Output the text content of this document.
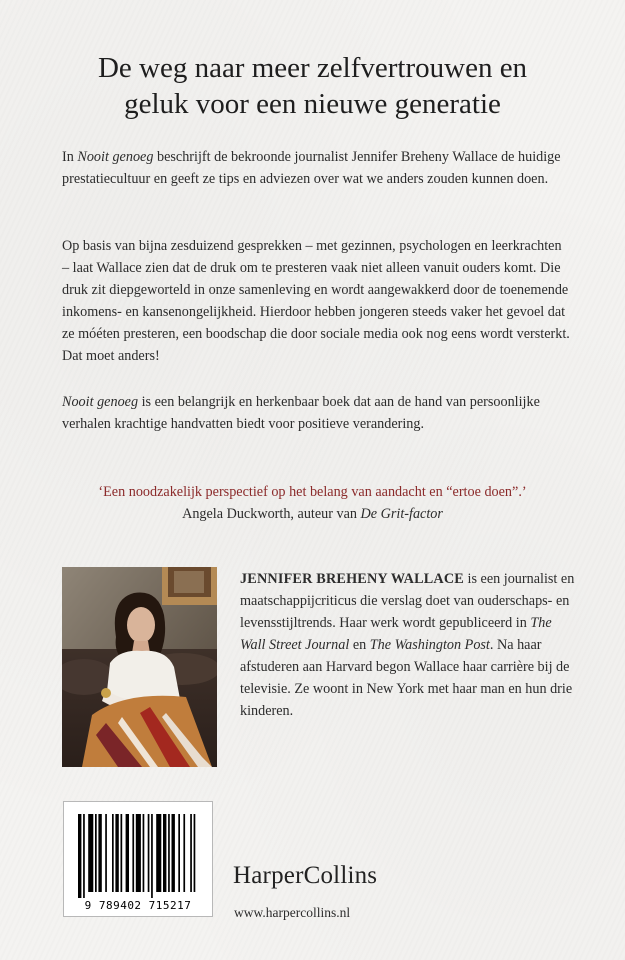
De weg naar meer zelfvertrouwen en
geluk voor een nieuwe generatie

In Nooit genoeg beschrijft de bekroonde journalist Jennifer Breheny Wallace de huidige prestatiecultuur en geeft ze tips en adviezen over wat we anders zouden kunnen doen.

Op basis van bijna zesduizend gesprekken – met gezinnen, psychologen en leerkrachten – laat Wallace zien dat de druk om te presteren vaak niet alleen vanuit ouders komt. Die druk zit diepgeworteld in onze samenleving en wordt aangewakkerd door de toenemende inkomens- en kansenongelijkheid. Hierdoor hebben jongeren steeds vaker het gevoel dat ze móéten presteren, een boodschap die door sociale media ook nog eens wordt versterkt. Dat moet anders!

Nooit genoeg is een belangrijk en herkenbaar boek dat aan de hand van persoonlijke verhalen krachtige handvatten biedt voor positieve verandering.

‘Een noodzakelijk perspectief op het belang van aandacht en “ertoe doen”.’
Angela Duckworth, auteur van De Grit-factor

JENNIFER BREHENY WALLACE is een journalist en maatschappijcriticus die verslag doet van ouderschaps- en levensstijltrends. Haar werk wordt gepubliceerd in The Wall Street Journal en The Washington Post. Na haar afstuderen aan Harvard begon Wallace haar carrière bij de televisie. Ze woont in New York met haar man en hun drie kinderen.

9 789402 715217
HarperCollins
www.harpercollins.nl
